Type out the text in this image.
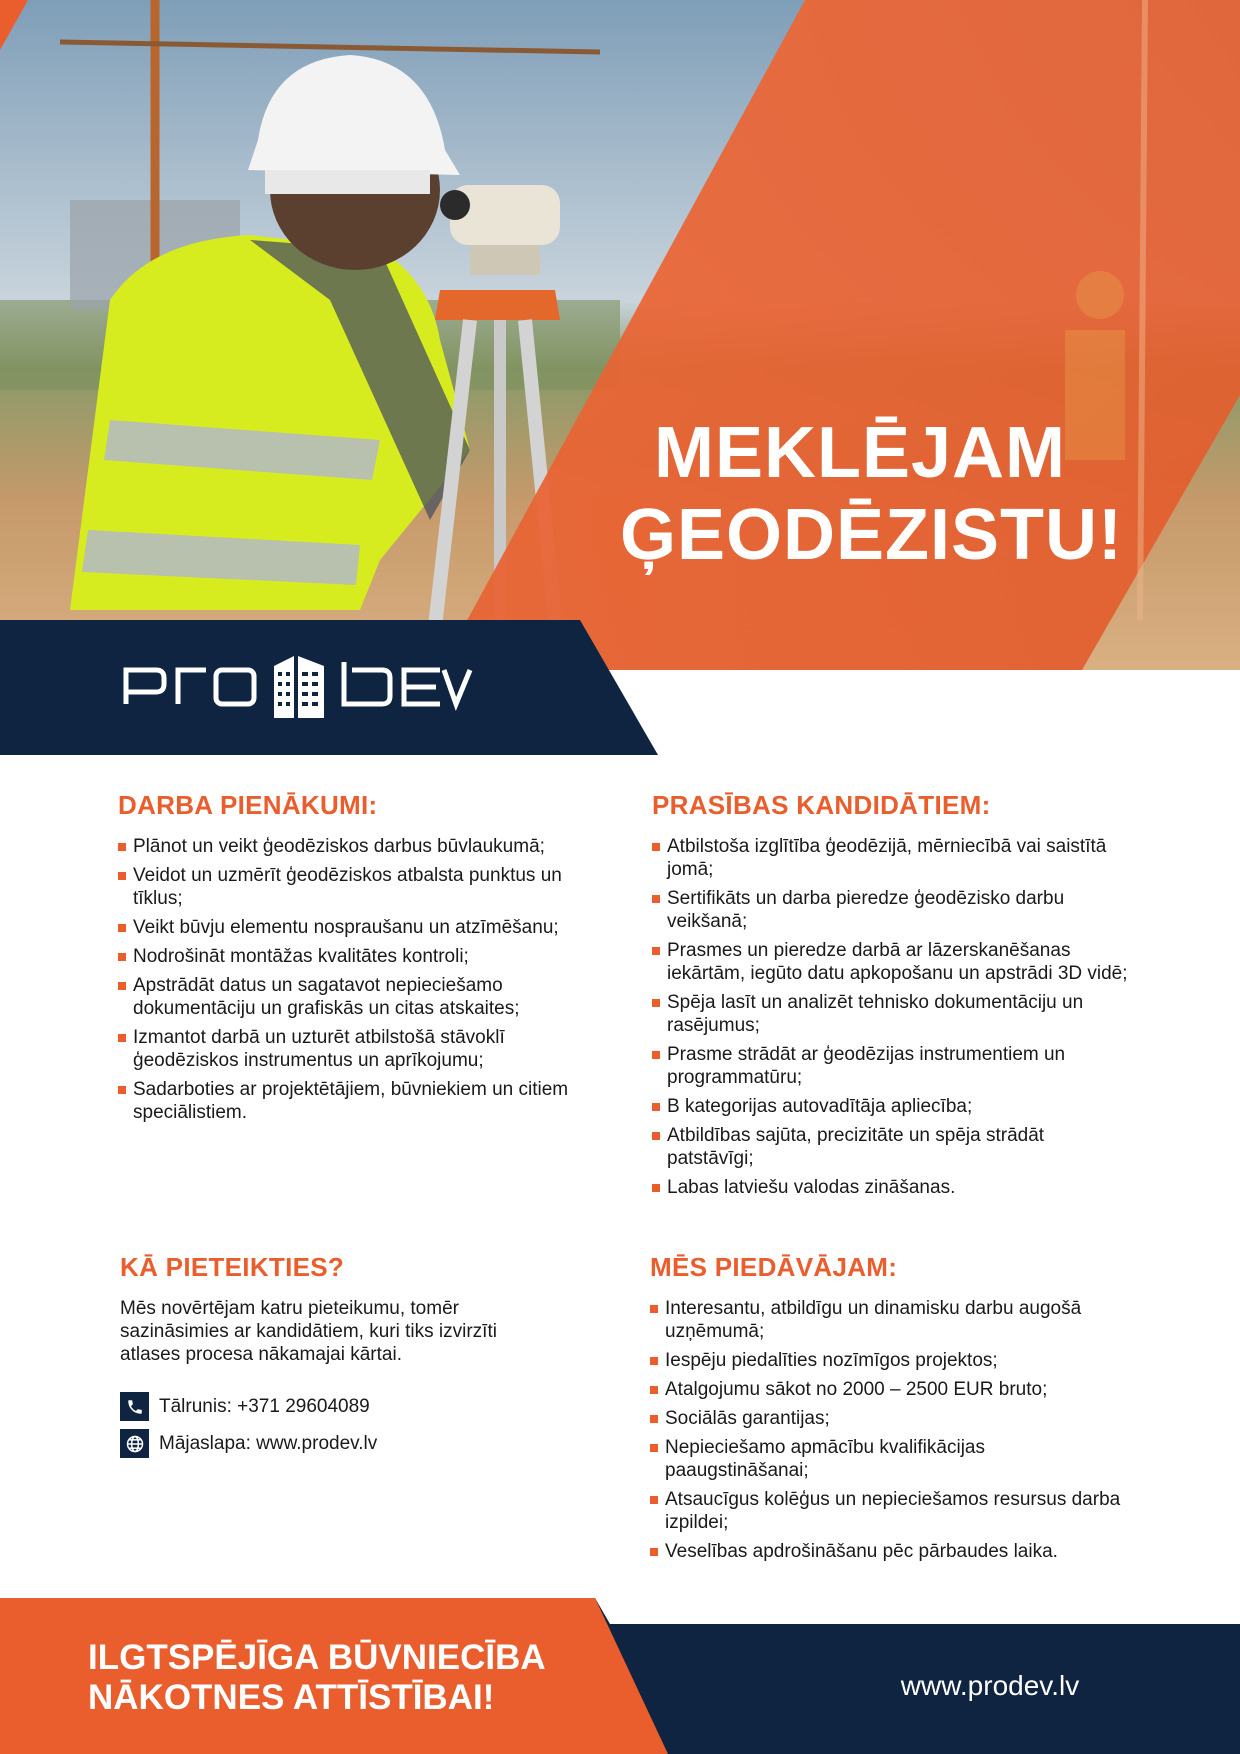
MEKLĒJAM
ĢEODĒZISTU!
DARBA PIENĀKUMI:
Plānot un veikt ģeodēziskos darbus būvlaukumā;
Veidot un uzmērīt ģeodēziskos atbalsta punktus un tīklus;
Veikt būvju elementu nospraušanu un atzīmēšanu;
Nodrošināt montāžas kvalitātes kontroli;
Apstrādāt datus un sagatavot nepieciešamo dokumentāciju un grafiskās un citas atskaites;
Izmantot darbā un uzturēt atbilstošā stāvoklī ģeodēziskos instrumentus un aprīkojumu;
Sadarboties ar projektētājiem, būvniekiem un citiem speciālistiem.
PRASĪBAS KANDIDĀTIEM:
Atbilstoša izglītība ģeodēzijā, mērniecībā vai saistītā jomā;
Sertifikāts un darba pieredze ģeodēzisko darbu veikšanā;
Prasmes un pieredze darbā ar lāzerskanēšanas iekārtām, iegūto datu apkopošanu un apstrādi 3D vidē;
Spēja lasīt un analizēt tehnisko dokumentāciju un rasējumus;
Prasme strādāt ar ģeodēzijas instrumentiem un programmatūru;
B kategorijas autovadītāja apliecība;
Atbildības sajūta, precizitāte un spēja strādāt patstāvīgi;
Labas latviešu valodas zināšanas.
KĀ PIETEIKTIES?

Mēs novērtējam katru pieteikumu, tomēr sazināsimies ar kandidātiem, kuri tiks izvirzīti atlases procesa nākamajai kārtai.

Tālrunis: +371 29604089
Mājaslapa: www.prodev.lv
MĒS PIEDĀVĀJAM:
Interesantu, atbildīgu un dinamisku darbu augošā uzņēmumā;
Iespēju piedalīties nozīmīgos projektos;
Atalgojumu sākot no 2000 – 2500 EUR bruto;
Sociālās garantijas;
Nepieciešamo apmācību kvalifikācijas paaugstināšanai;
Atsaucīgus kolēģus un nepieciešamos resursus darba izpildei;
Veselības apdrošināšanu pēc pārbaudes laika.
ILGTSPĒJĪGA BŪVNIECĪBA
NĀKOTNES ATTĪSTĪBAI!	www.prodev.lv
